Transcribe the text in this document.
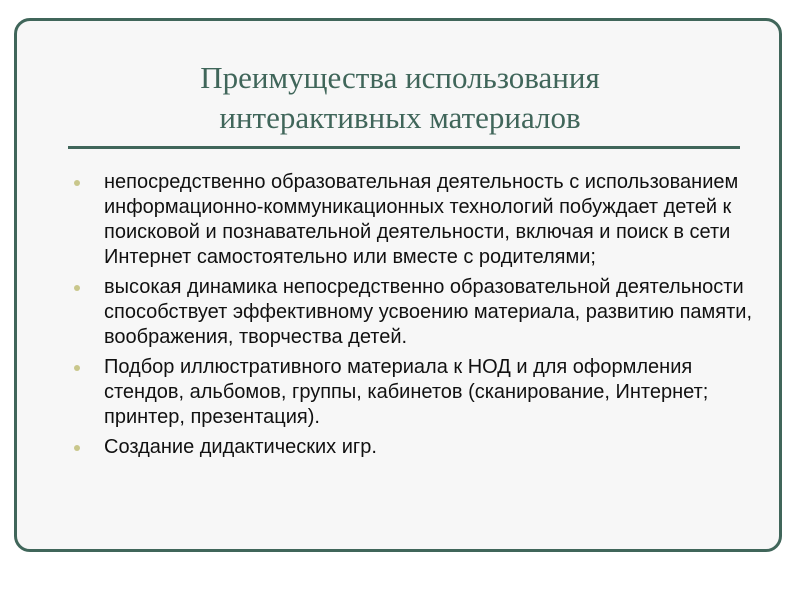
Преимущества использования
интерактивных материалов
непосредственно образовательная деятельность с использованием информационно-коммуникационных технологий побуждает детей к поисковой и познавательной деятельности, включая и поиск в сети Интернет самостоятельно или вместе с родителями;
высокая динамика непосредственно образовательной деятельности способствует эффективному усвоению материала, развитию памяти, воображения, творчества детей.
Подбор иллюстративного материала к НОД и для оформления стендов, альбомов, группы, кабинетов (сканирование, Интернет; принтер, презентация).
Создание дидактических игр.
